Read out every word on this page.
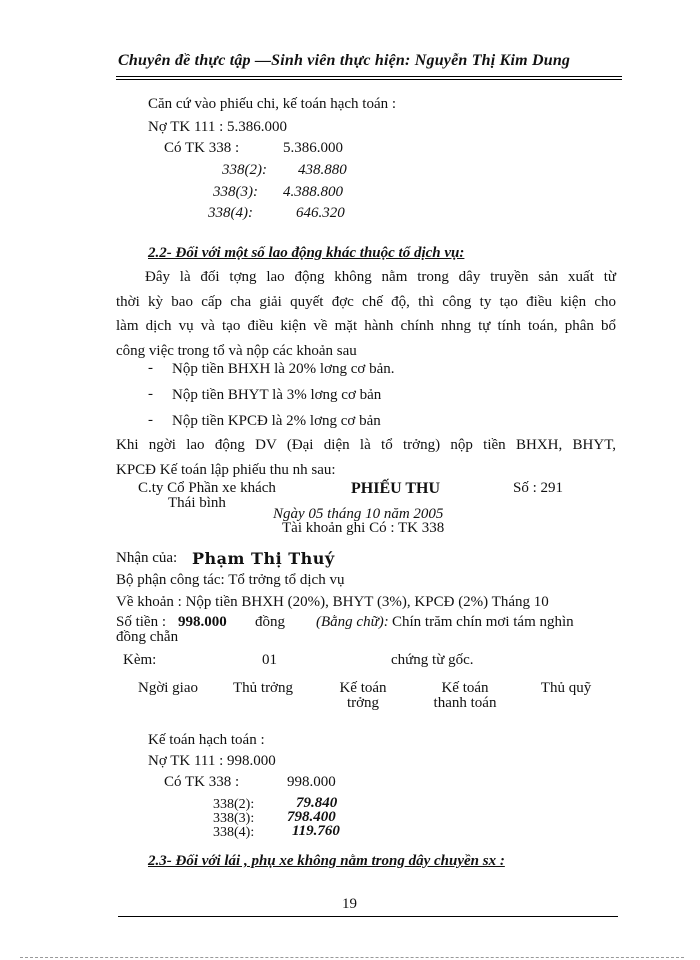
Chuyên đề thực tập —Sinh viên thực hiện: Nguyễn Thị Kim Dung
Căn cứ vào phiếu chi, kế toán hạch toán :
Nợ TK 111 : 5.386.000
Có TK 338 :	5.386.000
338(2): 438.880
338(3): 4.388.800
338(4):	646.320
2.2- Đối với một số lao động khác thuộc tổ dịch vụ:
Đây là đối tợng lao động không nằm trong dây truyền sản xuất từ
thời kỳ bao cấp cha giải quyết đợc chế độ, thì công ty tạo điều kiện cho
làm dịch vụ và tạo điều kiện về mặt hành chính nhng tự tính toán, phân bổ
công việc trong tổ và nộp các khoản sau
- Nộp tiền BHXH là 20% lơng cơ bản.
- Nộp tiền BHYT là 3% lơng cơ bản
- Nộp tiền KPCĐ là 2% lơng cơ bản
Khi ngời lao động DV (Đại diện là tổ trởng) nộp tiền BHXH, BHYT,
KPCĐ Kế toán lập phiếu thu nh sau:
C.ty Cổ Phần xe khách
Thái bình
PHIẾU THU	Số : 291
Ngày 05 tháng 10 năm 2005
Tài khoản ghi Có : TK 338
Nhận của: Phạm Thị Thuý
Bộ phận công tác: Tổ trởng tổ dịch vụ
Về khoản : Nộp tiền BHXH (20%), BHYT (3%), KPCĐ (2%) Tháng 10
Số tiền : 998.000 đồng (Bằng chữ): Chín trăm chín mơi tám nghìn
đồng chẵn
Kèm:	01	chứng từ gốc.
Ngời giao	Thủ trởng	Kế toán
trởng
Kế toán
thanh toán
Thủ quỹ
Kế toán hạch toán :
Nợ TK 111 : 998.000
Có TK 338 :	998.000
338(2):	79.840
338(3): 798.400
338(4):	119.760
2.3- Đối với lái , phụ xe không nằm trong dây chuyền sx :
19
